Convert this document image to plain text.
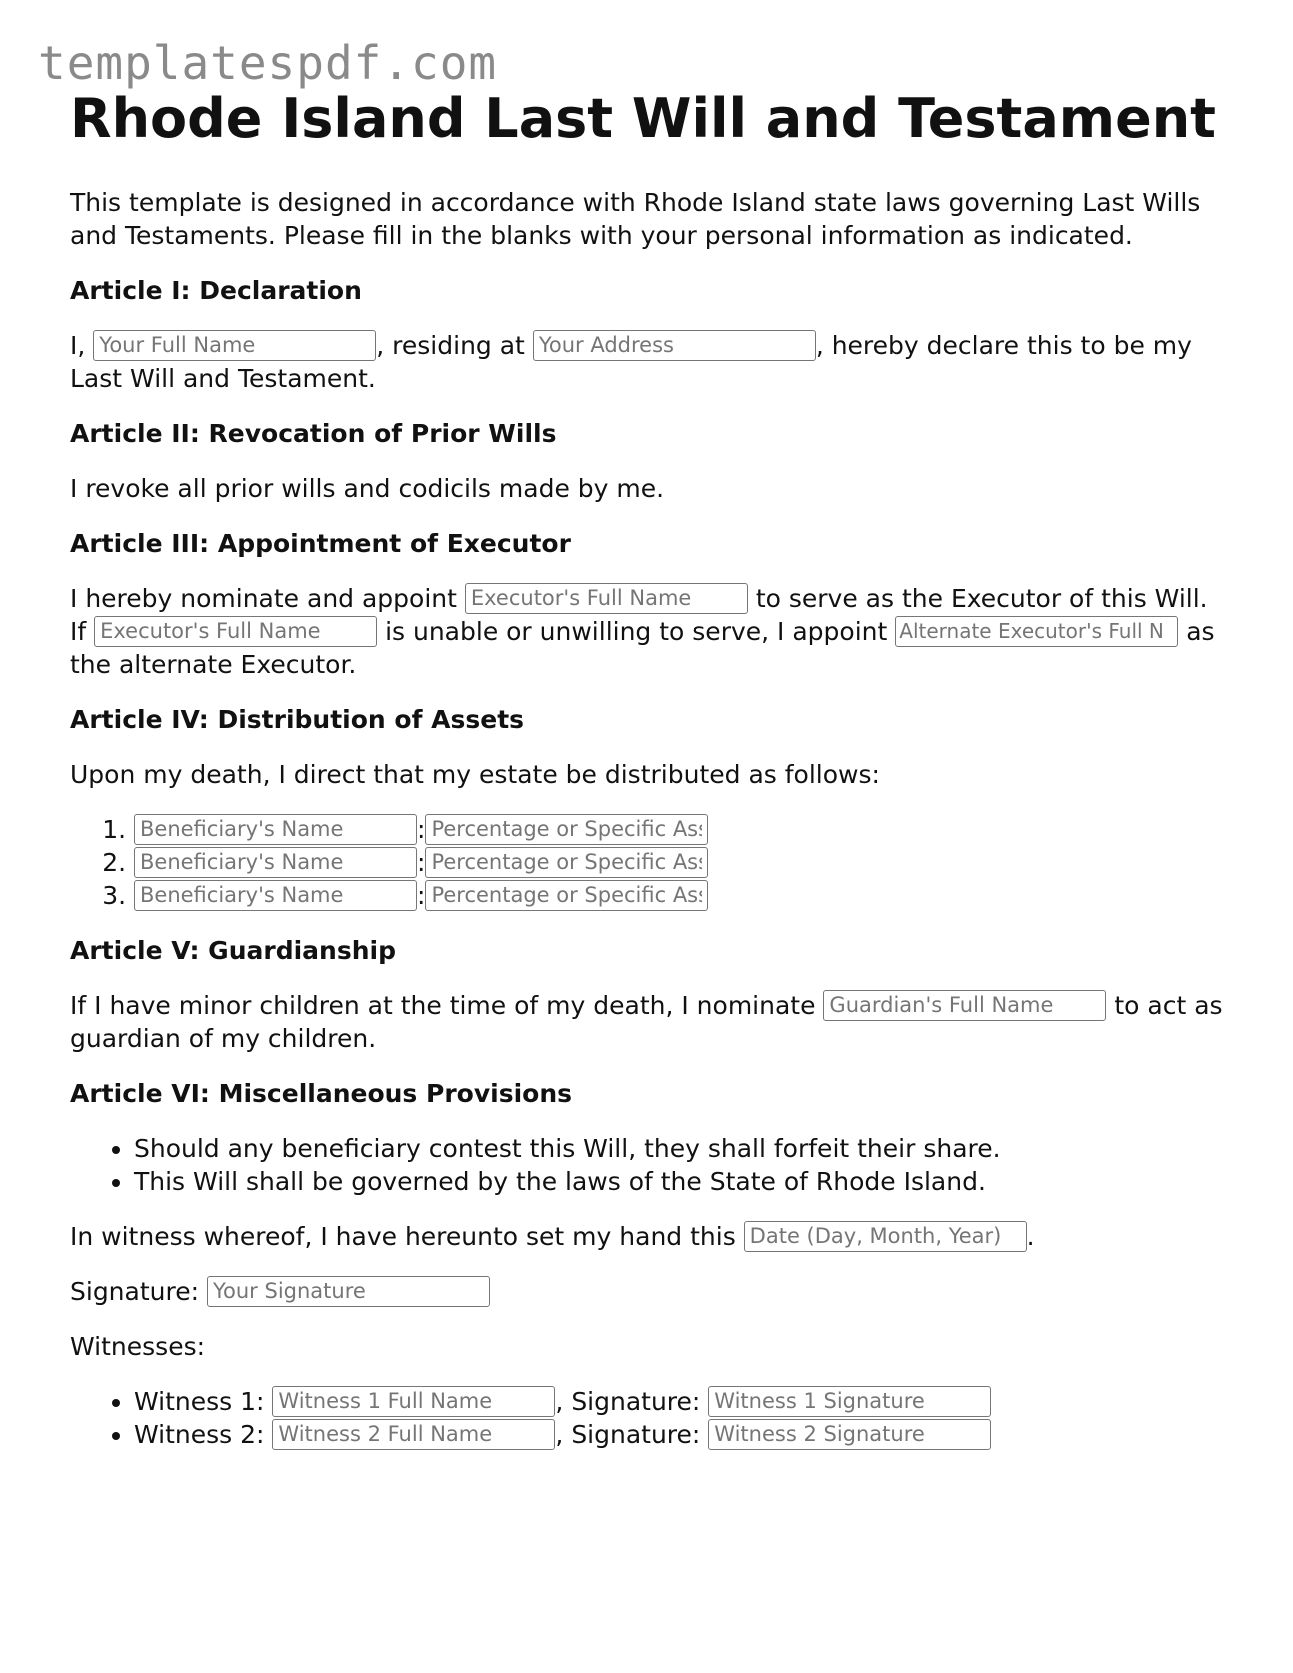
templatespdf.com
Rhode Island Last Will and Testament

This template is designed in accordance with Rhode Island state laws governing Last Wills and Testaments. Please fill in the blanks with your personal information as indicated.

Article I: Declaration

I, Your Full Name	, residing at Your Address	, hereby declare this to be my Last Will and Testament.

Article II: Revocation of Prior Wills

I revoke all prior wills and codicils made by me.

Article III: Appointment of Executor

I hereby nominate and appoint Executor's Full Name	to serve as the Executor of this Will. If Executor's Full Name	is unable or unwilling to serve, I appoint Alternate Executor's Full N	as the alternate Executor.

Article IV: Distribution of Assets

Upon my death, I direct that my estate be distributed as follows:

Beneficiary's Name 1. :Percentage or Specific Ass
Beneficiary's Name 2. :Percentage or Specific Ass
Beneficiary's Name 3. :Percentage or Specific Ass
Article V: Guardianship

If I have minor children at the time of my death, I nominate Guardian's Full Name	to act as guardian of my children.

Article VI: Miscellaneous Provisions
• Should any beneficiary contest this Will, they shall forfeit their share.
• This Will shall be governed by the laws of the State of Rhode Island.

In witness whereof, I have hereunto set my hand this Date (Day, Month, Year)	.

Signature: Your Signature

Witnesses:

• Witness 1: Witness 1 Full Name	, Signature: Witness 1 Signature
• Witness 2: Witness 2 Full Name	, Signature: Witness 2 Signature
